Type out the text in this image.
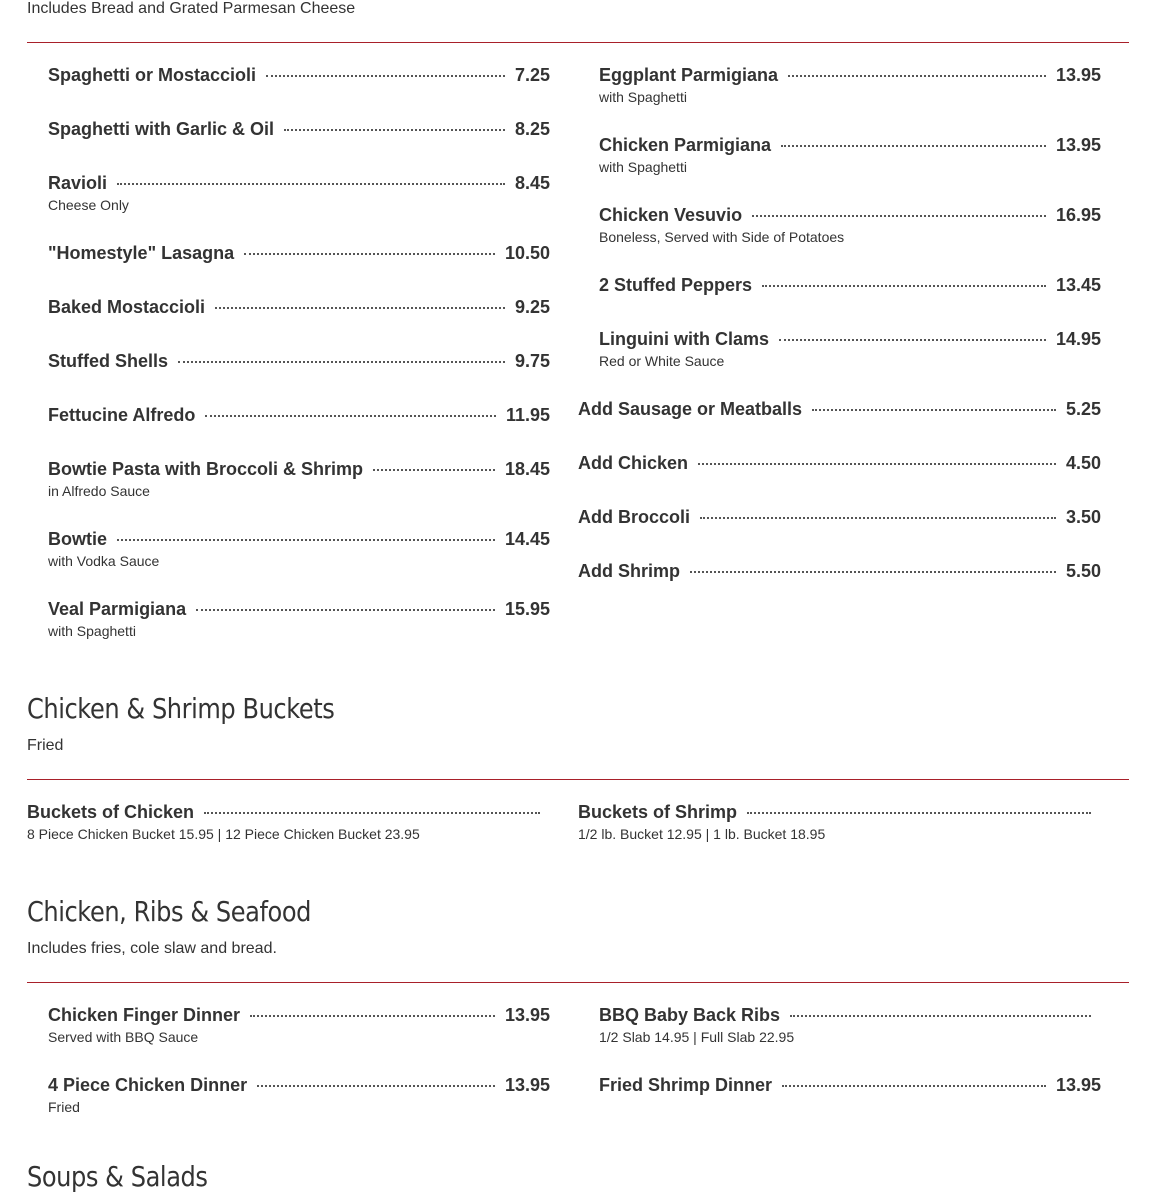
Includes Bread and Grated Parmesan Cheese
Spaghetti or Mostaccioli	7.25
Spaghetti with Garlic & Oil	8.25
Ravioli	8.45
Cheese Only
"Homestyle" Lasagna	10.50
Baked Mostaccioli	9.25
Stuffed Shells	9.75
Fettucine Alfredo	11.95
Bowtie Pasta with Broccoli & Shrimp	18.45
in Alfredo Sauce
Bowtie	14.45
with Vodka Sauce
Veal Parmigiana	15.95
with Spaghetti
Eggplant Parmigiana	13.95
with Spaghetti
Chicken Parmigiana	13.95
with Spaghetti
Chicken Vesuvio	16.95
Boneless, Served with Side of Potatoes
2 Stuffed Peppers	13.45
Linguini with Clams	14.95
Red or White Sauce
Add Sausage or Meatballs	5.25
Add Chicken	4.50
Add Broccoli	3.50
Add Shrimp	5.50
Chicken & Shrimp Buckets
Fried
Buckets of Chicken
8 Piece Chicken Bucket 15.95 | 12 Piece Chicken Bucket 23.95
Buckets of Shrimp
1/2 lb. Bucket 12.95 | 1 lb. Bucket 18.95
Chicken, Ribs & Seafood
Includes fries, cole slaw and bread.
Chicken Finger Dinner	13.95
Served with BBQ Sauce
4 Piece Chicken Dinner	13.95
Fried
BBQ Baby Back Ribs
1/2 Slab 14.95 | Full Slab 22.95
Fried Shrimp Dinner	13.95
Soups & Salads
